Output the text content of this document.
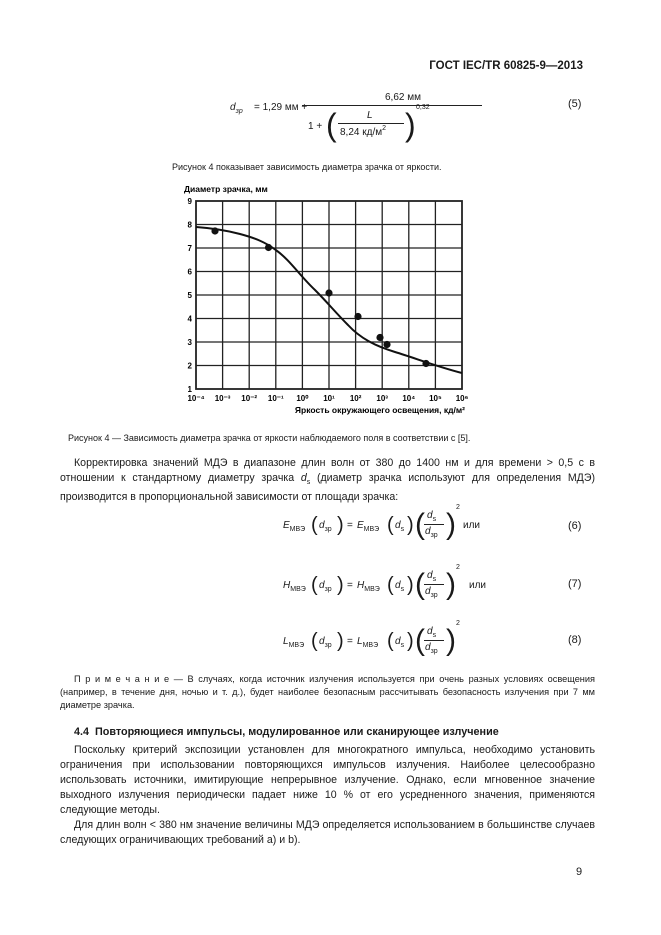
ГОСТ IEC/TR 60825-9—2013
$d_{зр} = 1,29$ мм +
6,62 мм
1 + (	L
8,24 $кд/м^2$ ) 0,32	(5)
Рисунок 4 показывает зависимость диаметра зрачка от яркости.
Диаметр зрачка, мм
9
8
7
6
5
4
3
2
1
10⁻⁴ 10⁻³ 10⁻² 10⁻¹ 10⁰ 10¹ 10² 10³ 10⁴ 10⁵ 10⁶
Яркость окружающего освещения, кд/м²
Рисунок 4 — Зависимость диаметра зрачка от яркости наблюдаемого поля в соответствии с [5].
Корректировка значений МДЭ в диапазоне длин волн от 380 до 1400 нм и для времени > 0,5 с в отношении к стандартному диаметру зрачка $d_s$ (диаметр зрачка используют для определения МДЭ) производится в пропорциональной зависимости от площади зрачка:
$E_{МВЭ}$ ( $d_{зр}$ ) = $E_{МВЭ}$ ( $d_s$ ) ( $d_s$
$d_{зр}$ )
2
или	(6)
$H_{МВЭ}$ ( $d_{зр}$ ) = $H_{МВЭ}$ ( $d_s$ ) ( $d_s$
$d_{зр}$ )
2
или	(7)
$L_{МВЭ}$ ( $d_{зр}$ ) = $L_{МВЭ}$ ( $d_s$ ) ( $d_s$
$d_{зр}$ )
2
(8)
П р и м е ч а н и е — В случаях, когда источник излучения используется при очень разных условиях освещения (например, в течение дня, ночью и т. д.), будет наиболее безопасным рассчитывать безопасность излучения при 7 мм диаметре зрачка.
4.4 Повторяющиеся импульсы, модулированное или сканирующее излучение
Поскольку критерий экспозиции установлен для многократного импульса, необходимо установить ограничения при использовании повторяющихся импульсов излучения. Наиболее целесообразно использовать источники, имитирующие непрерывное излучение. Однако, если мгновенное значение выходного излучения периодически падает ниже 10 % от его усредненного значения, применяются следующие методы.
Для длин волн < 380 нм значение величины МДЭ определяется использованием в большинстве случаев следующих ограничивающих требований а) и b).
9
